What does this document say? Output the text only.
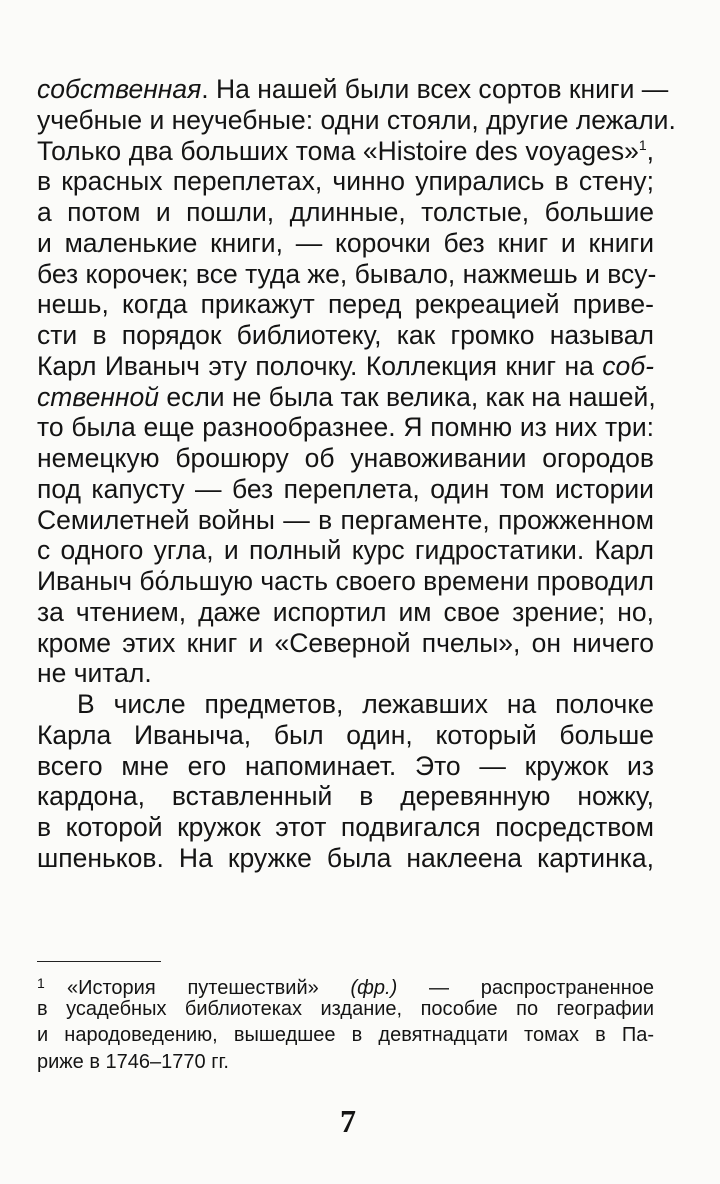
собственная. На нашей были всех сортов книги —
учебные и неучебные: одни стояли, другие лежали.
Только два больших тома «Histoire des voyages»$^1$,
в красных переплетах, чинно упирались в стену;
а потом и пошли, длинные, толстые, большие
и маленькие книги, — корочки без книг и книги
без корочек; все туда же, бывало, нажмешь и всу-
нешь, когда прикажут перед рекреацией приве-
сти в порядок библиотеку, как громко называл
Карл Иваныч эту полочку. Коллекция книг на соб-
ственной если не была так велика, как на нашей,
то была еще разнообразнее. Я помню из них три:
немецкую брошюру об унавоживании огородов
под капусту — без переплета, один том истории
Семилетней войны — в пергаменте, прожженном
с одного угла, и полный курс гидростатики. Карл
Иваныч бо́льшую часть своего времени проводил
за чтением, даже испортил им свое зрение; но,
кроме этих книг и «Северной пчелы», он ничего
не читал.
В числе предметов, лежавших на полочке
Карла Иваныча, был один, который больше
всего мне его напоминает. Это — кружок из
кардона, вставленный в деревянную ножку,
в которой кружок этот подвигался посредством
шпеньков. На кружке была наклеена картинка,
1 «История путешествий» (фр.) — распространенное
в усадебных библиотеках издание, пособие по географии
и народоведению, вышедшее в девятнадцати томах в Па-
риже в 1746–1770 гг.
7
